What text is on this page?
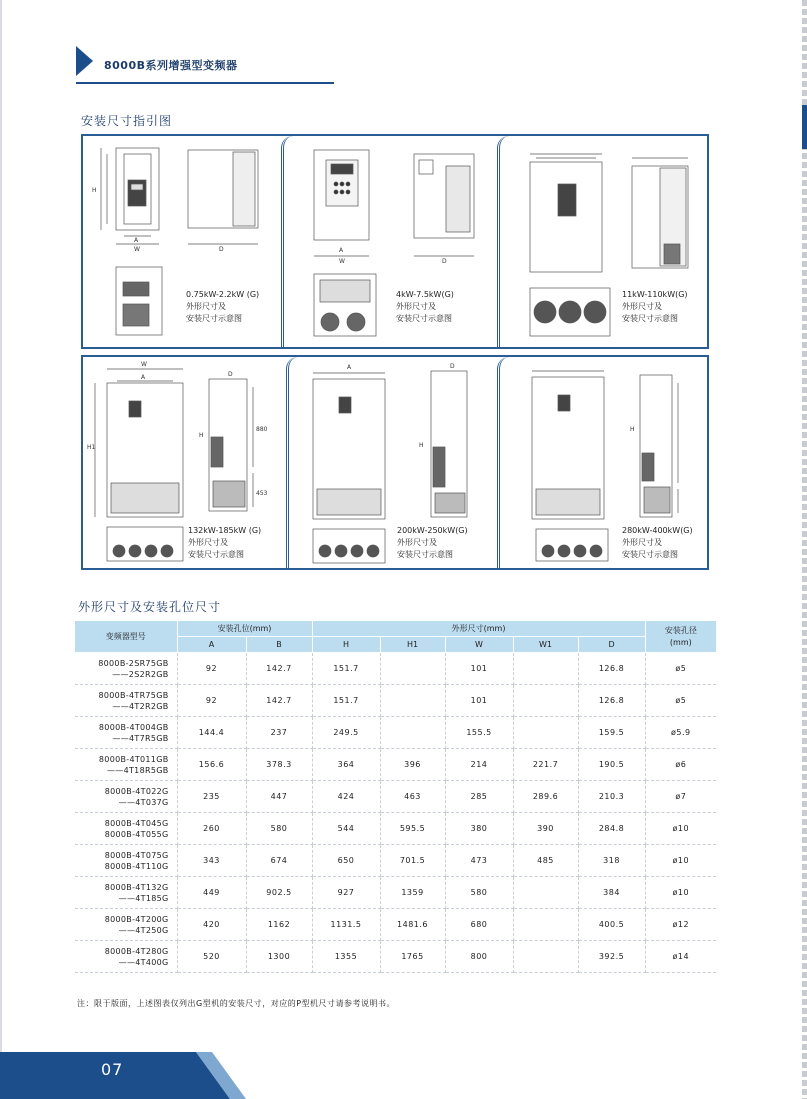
8000B系列增强型变频器
安装尺寸指引图
A
W	D
H
0.75kW-2.2kW (G)
外形尺寸及
安装尺寸示意图
A
W	D
4kW-7.5kW(G)
外形尺寸及
安装尺寸示意图
11kW-110kW(G)
外形尺寸及
安装尺寸示意图
W
A	D
H1
H
880
453
132kW-185kW (G)
外形尺寸及
安装尺寸示意图
A	D
H
200kW-250kW(G)
外形尺寸及
安装尺寸示意图
H
280kW-400kW(G)
外形尺寸及
安装尺寸示意图
外形尺寸及安装孔位尺寸
变频器型号	安装孔位(mm)		外形尺寸(mm)					安装孔径
(mm)
	A	B	H	H1	W	W1	D	

8000B-2SR75GB
——2S2R2GB	92	142.7	151.7		101		126.8	ø5

8000B-4TR75GB
——4T2R2GB	92	142.7	151.7		101		126.8	ø5

8000B-4T004GB
——4T7R5GB	144.4	237	249.5		155.5		159.5	ø5.9

8000B-4T011GB
——4T18R5GB	156.6	378.3	364	396	214	221.7	190.5	ø6

8000B-4T022G
——4T037G	235	447	424	463	285	289.6	210.3	ø7

8000B-4T045G
8000B-4T055G	260	580	544	595.5	380	390	284.8	ø10

8000B-4T075G
8000B-4T110G	343	674	650	701.5	473	485	318	ø10

8000B-4T132G
——4T185G	449	902.5	927	1359	580		384	ø10

8000B-4T200G
——4T250G	420	1162	1131.5	1481.6	680		400.5	ø12

8000B-4T280G
——4T400G	520	1300	1355	1765	800		392.5	ø14
注：限于版面，上述图表仅列出G型机的安装尺寸，对应的P型机尺寸请参考说明书。
07
